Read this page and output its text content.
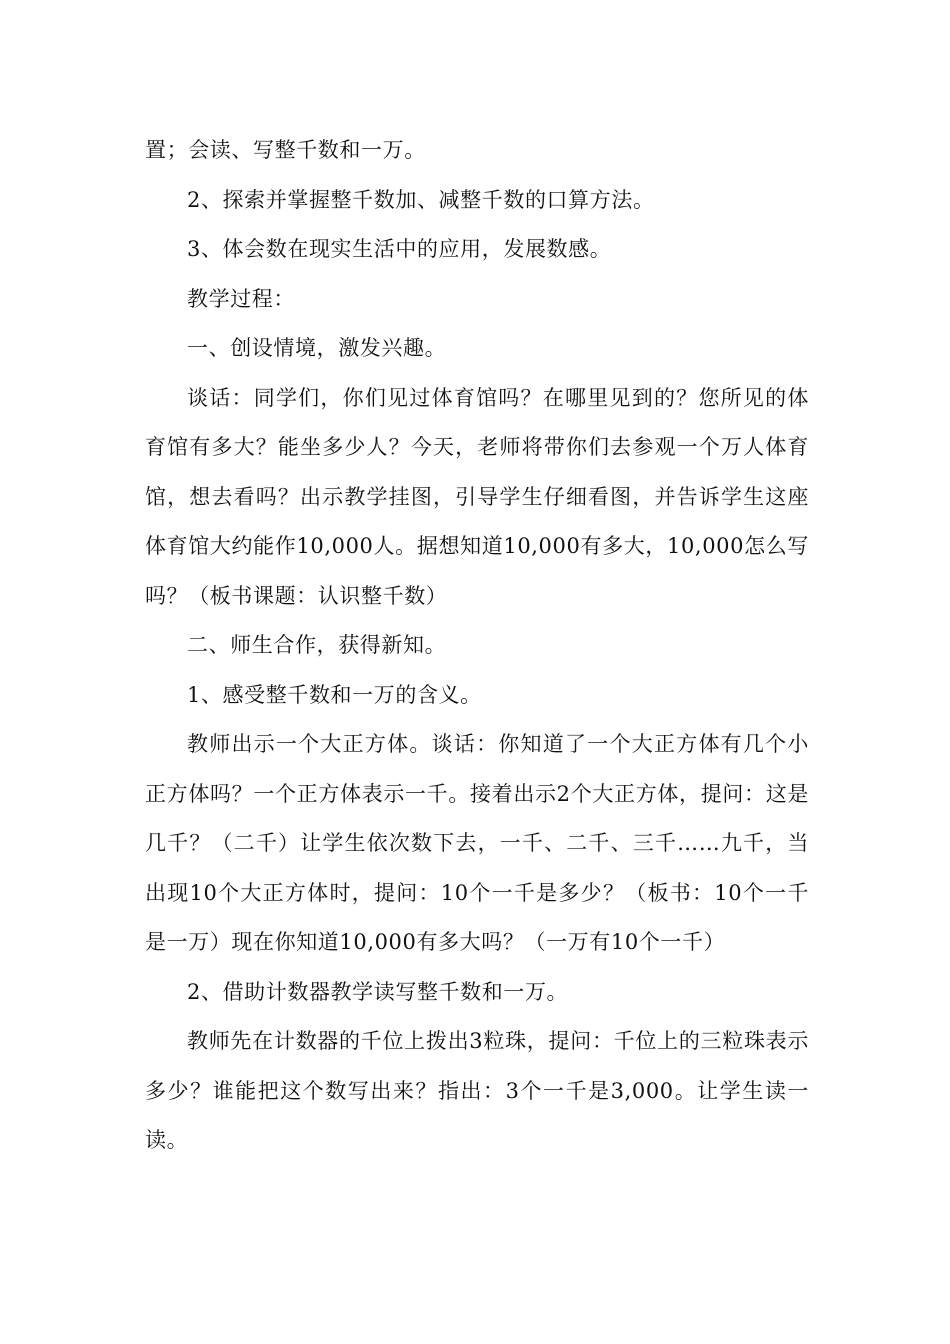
置；会读、写整千数和一万。

2、探索并掌握整千数加、减整千数的口算方法。

3、体会数在现实生活中的应用，发展数感。

教学过程：

一、创设情境，激发兴趣。

谈话：同学们，你们见过体育馆吗？在哪里见到的？您所见的体育馆有多大？能坐多少人？今天，老师将带你们去参观一个万人体育馆，想去看吗？出示教学挂图，引导学生仔细看图，并告诉学生这座体育馆大约能作10,000人。据想知道10,000有多大，10,000怎么写吗？（板书课题：认识整千数）

二、师生合作，获得新知。

1、感受整千数和一万的含义。

教师出示一个大正方体。谈话：你知道了一个大正方体有几个小正方体吗？一个正方体表示一千。接着出示2个大正方体，提问：这是几千？（二千）让学生依次数下去，一千、二千、三千……九千，当出现10个大正方体时，提问：10个一千是多少？（板书：10个一千是一万）现在你知道10,000有多大吗？（一万有10个一千）

2、借助计数器教学读写整千数和一万。

教师先在计数器的千位上拨出3粒珠，提问：千位上的三粒珠表示多少？谁能把这个数写出来？指出：3个一千是3,000。让学生读一读。
